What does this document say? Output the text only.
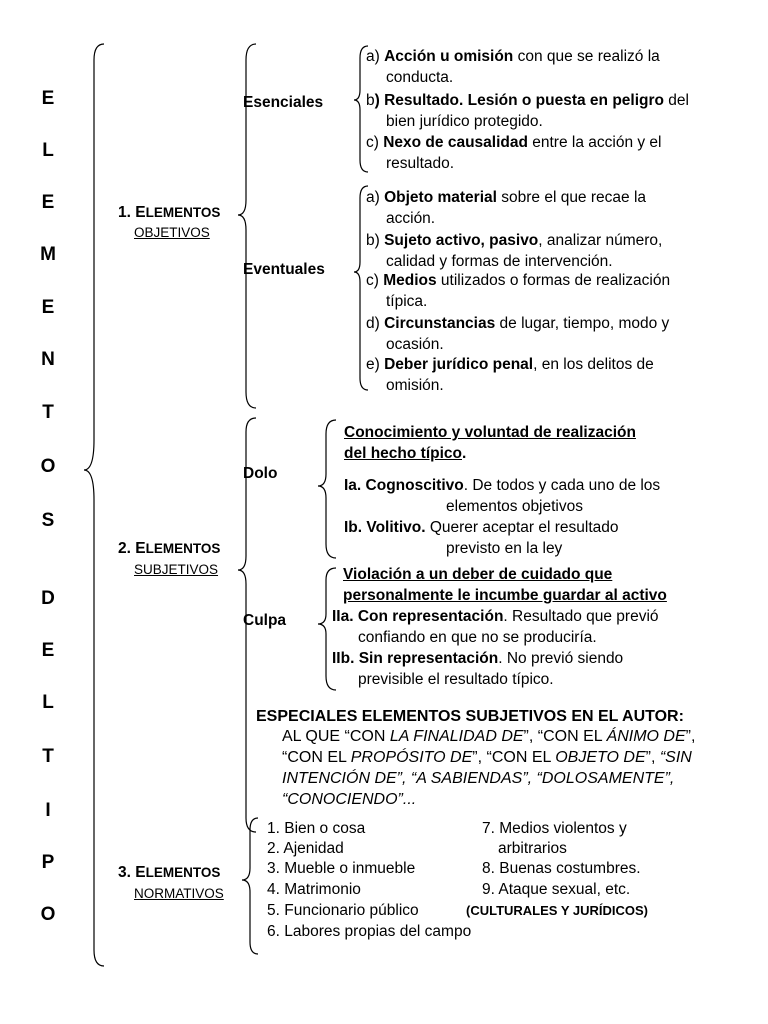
E
L
E
M
E
N
T
O
S
D
E
L
T
I
P
O
1. ELEMENTOS
OBJETIVOS
2. ELEMENTOS
SUBJETIVOS
3. ELEMENTOS
NORMATIVOS
Esenciales
a) Acción u omisión con que se realizó la
conducta.
b) Resultado. Lesión o puesta en peligro del
bien jurídico protegido.
c) Nexo de causalidad entre la acción y el
resultado.
Eventuales
a) Objeto material sobre el que recae la
acción.
b) Sujeto activo, pasivo, analizar número,
calidad y formas de intervención.
c) Medios utilizados o formas de realización
típica.
d) Circunstancias de lugar, tiempo, modo y
ocasión.
e) Deber jurídico penal, en los delitos de
omisión.
Dolo
Conocimiento y voluntad de realización
del hecho típico.
Ia. Cognoscitivo. De todos y cada uno de los
elementos objetivos
Ib. Volitivo. Querer aceptar el resultado
previsto en la ley
Culpa
Violación a un deber de cuidado que
personalmente le incumbe guardar al activo
IIa. Con representación. Resultado que previó
confiando en que no se produciría.
IIb. Sin representación. No previó siendo
previsible el resultado típico.
ESPECIALES ELEMENTOS SUBJETIVOS EN EL AUTOR:
AL QUE “CON LA FINALIDAD DE”, “CON EL ÁNIMO DE”,
“CON EL PROPÓSITO DE”, “CON EL OBJETO DE”, “SIN
INTENCIÓN DE”, “A SABIENDAS”, “DOLOSAMENTE”,
“CONOCIENDO”...
1. Bien o cosa
2. Ajenidad
3. Mueble o inmueble
4. Matrimonio
5. Funcionario público
6. Labores propias del campo
7. Medios violentos y
arbitrarios
8. Buenas costumbres.
9. Ataque sexual, etc.
(CULTURALES Y JURÍDICOS)
